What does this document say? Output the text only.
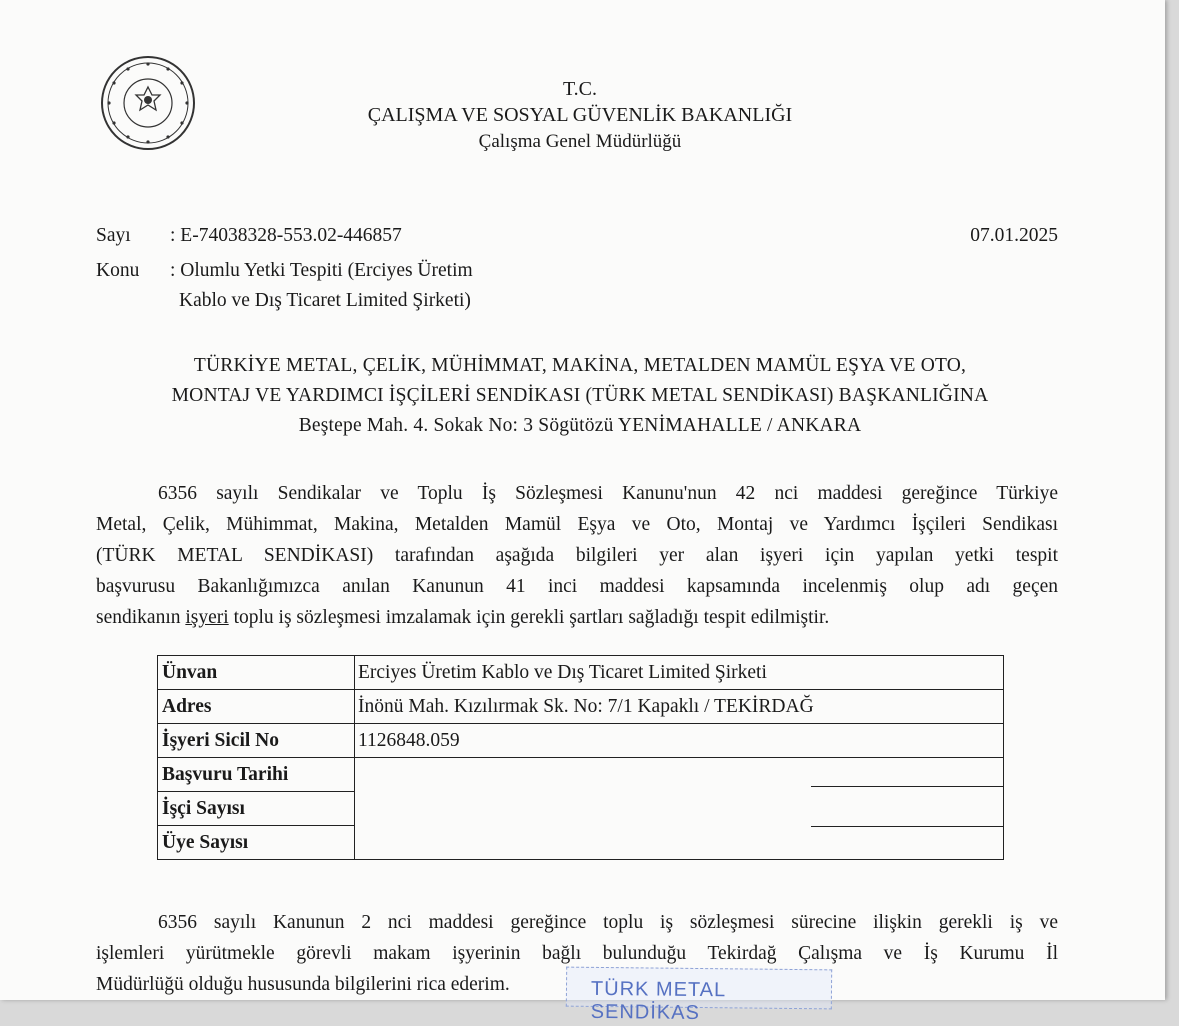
T.C.
ÇALIŞMA VE SOSYAL GÜVENLİK BAKANLIĞI
Çalışma Genel Müdürlüğü
Sayı : E-74038328-553.02-446857	07.01.2025
Konu : Olumlu Yetki Tespiti (Erciyes Üretim
Kablo ve Dış Ticaret Limited Şirketi)
TÜRKİYE METAL, ÇELİK, MÜHİMMAT, MAKİNA, METALDEN MAMÜL EŞYA VE OTO,
MONTAJ VE YARDIMCI İŞÇİLERİ SENDİKASI (TÜRK METAL SENDİKASI) BAŞKANLIĞINA
Beştepe Mah. 4. Sokak No: 3 Sögütözü YENİMAHALLE / ANKARA
6356 sayılı Sendikalar ve Toplu İş Sözleşmesi Kanunu'nun 42 nci maddesi gereğince Türkiye
Metal, Çelik, Mühimmat, Makina, Metalden Mamül Eşya ve Oto, Montaj ve Yardımcı İşçileri Sendikası
(TÜRK METAL SENDİKASI) tarafından aşağıda bilgileri yer alan işyeri için yapılan yetki tespit
başvurusu Bakanlığımızca anılan Kanunun 41 inci maddesi kapsamında incelenmiş olup adı geçen
sendikanın işyeri toplu iş sözleşmesi imzalamak için gerekli şartları sağladığı tespit edilmiştir.
Ünvan	Erciyes Üretim Kablo ve Dış Ticaret Limited Şirketi
Adres	İnönü Mah. Kızılırmak Sk. No: 7/1 Kapaklı / TEKİRDAĞ
İşyeri Sicil No	1126848.059
Başvuru Tarihi	

İşçi Sayısı	

Üye Sayısı	
6356 sayılı Kanunun 2 nci maddesi gereğince toplu iş sözleşmesi sürecine ilişkin gerekli iş ve
işlemleri yürütmekle görevli makam işyerinin bağlı bulunduğu Tekirdağ Çalışma ve İş Kurumu İl
Müdürlüğü olduğu hususunda bilgilerini rica ederim.	TÜRK METAL SENDİKAS
